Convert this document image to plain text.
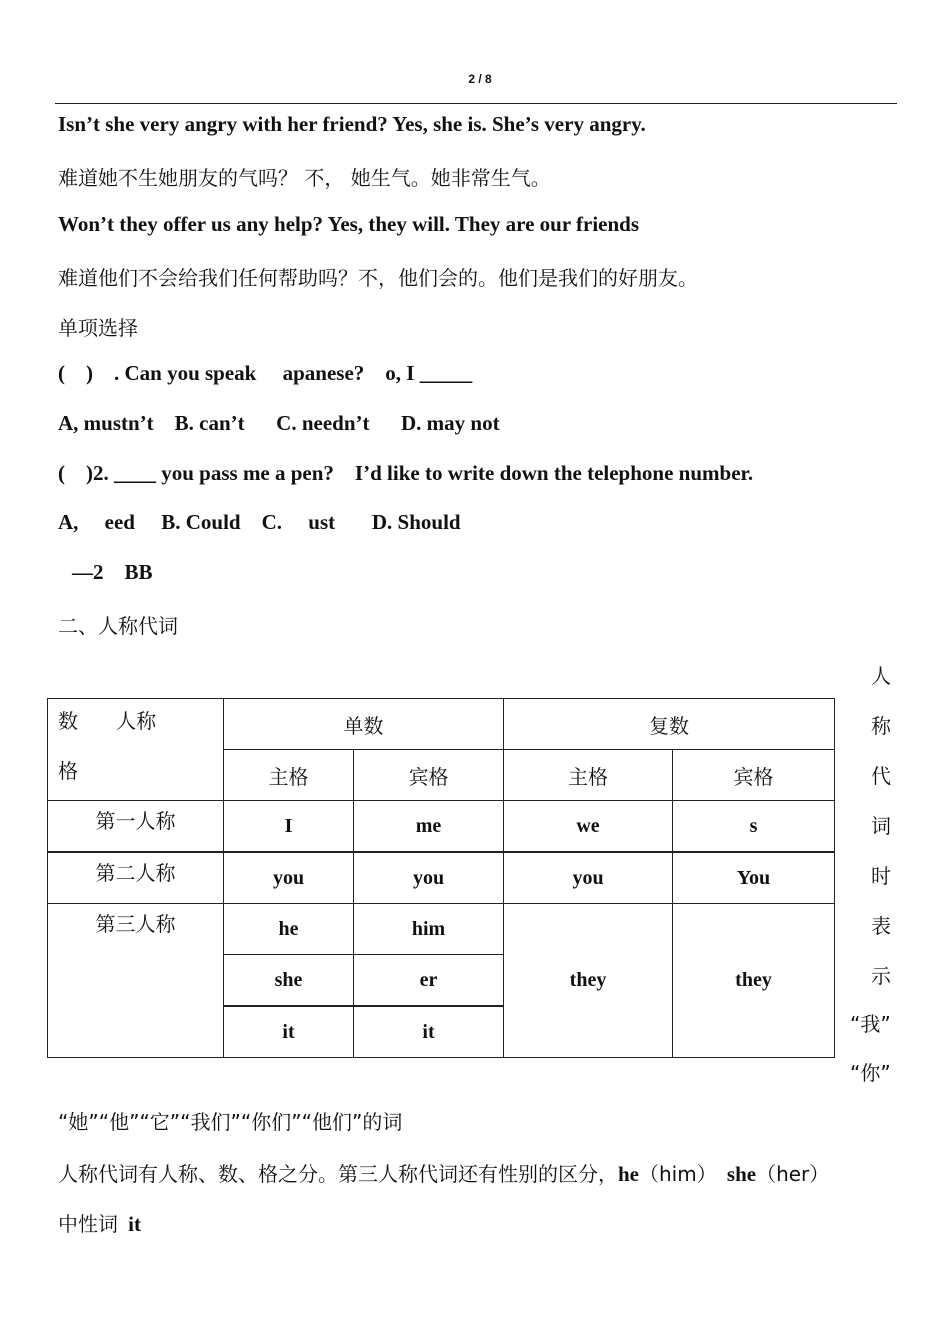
2 / 8
Isn’t she very angry with her friend? Yes, she is. She’s very angry.
难道她不生她朋友的气吗？ 不， 她生气。她非常生气。
Won’t they offer us any help? Yes, they will. They are our friends
难道他们不会给我们任何帮助吗？不，他们会的。他们是我们的好朋友。
单项选择
(    )    . Can you speak     apanese?    o, I _____
A, mustn’t    B. can’t      C. needn’t      D. may not
(    )2. ____ you pass me a pen?    I’d like to write down the telephone number.
A,     eed     B. Could    C.     ust       D. Should
—2    BB
二、人称代词
数      人称
格	单数		复数	
	主格	宾格	主格	宾格
第一人称	I	me	we	s
第二人称	you	you	you	You
第三人称	he	him	they	they
	she	er		
	it	it		
人
称
代
词
时
表
示
“我”
“你”
“她”“他”“它”“我们”“你们”“他们”的词
人称代词有人称、数、格之分。第三人称代词还有性别的区分，he（him） she（her）
中性词 it
